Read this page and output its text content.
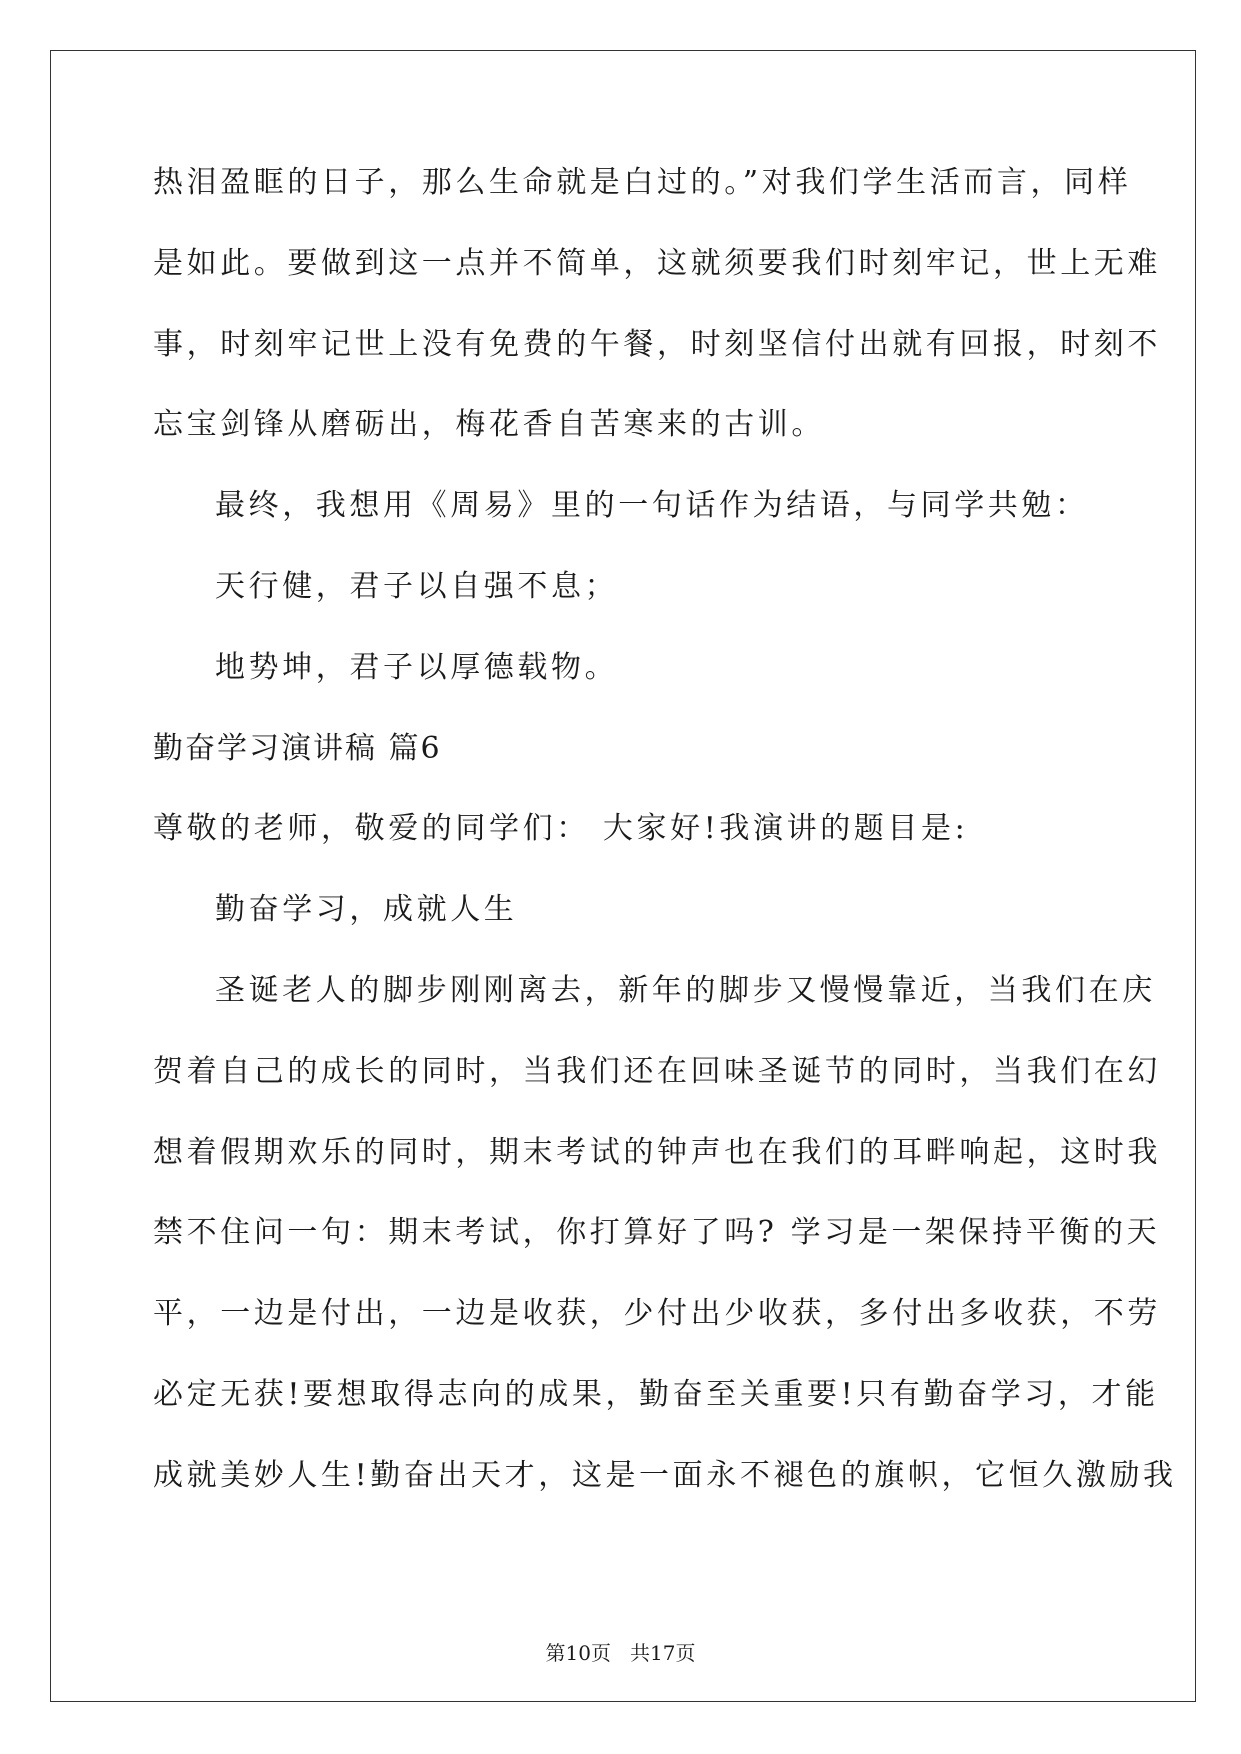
热泪盈眶的日子，那么生命就是白过的。”对我们学生活而言，同样
是如此。要做到这一点并不简单，这就须要我们时刻牢记，世上无难
事，时刻牢记世上没有免费的午餐，时刻坚信付出就有回报，时刻不
忘宝剑锋从磨砺出，梅花香自苦寒来的古训。
最终，我想用《周易》里的一句话作为结语，与同学共勉：
天行健，君子以自强不息；
地势坤，君子以厚德载物。
勤奋学习演讲稿 篇6
尊敬的老师，敬爱的同学们： 大家好!我演讲的题目是:
勤奋学习，成就人生
圣诞老人的脚步刚刚离去，新年的脚步又慢慢靠近，当我们在庆
贺着自己的成长的同时，当我们还在回味圣诞节的同时，当我们在幻
想着假期欢乐的同时，期末考试的钟声也在我们的耳畔响起，这时我
禁不住问一句：期末考试，你打算好了吗? 学习是一架保持平衡的天
平，一边是付出，一边是收获，少付出少收获，多付出多收获，不劳
必定无获!要想取得志向的成果，勤奋至关重要!只有勤奋学习，才能
成就美妙人生!勤奋出天才，这是一面永不褪色的旗帜，它恒久激励我
第10页   共17页
